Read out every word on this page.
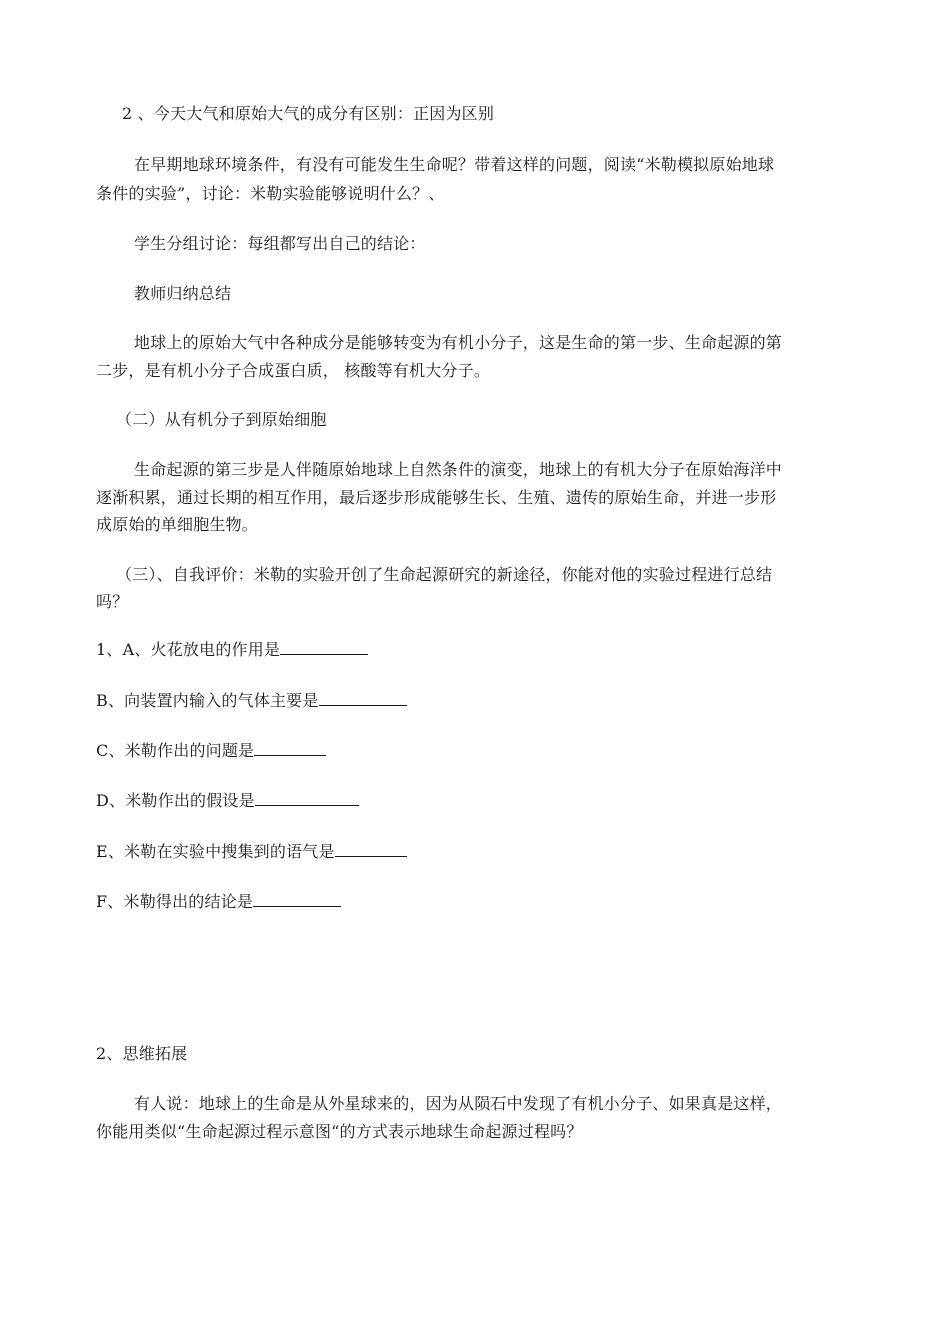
2 、今天大气和原始大气的成分有区别：正因为区别
在早期地球环境条件，有没有可能发生生命呢？带着这样的问题，阅读“米勒模拟原始地球
条件的实验”，讨论：米勒实验能够说明什么？、
学生分组讨论：每组都写出自己的结论：
教师归纳总结
地球上的原始大气中各种成分是能够转变为有机小分子，这是生命的第一步、生命起源的第
二步，是有机小分子合成蛋白质， 核酸等有机大分子。
（二）从有机分子到原始细胞
生命起源的第三步是人伴随原始地球上自然条件的演变，地球上的有机大分子在原始海洋中
逐渐积累，通过长期的相互作用，最后逐步形成能够生长、生殖、遗传的原始生命，并进一步形
成原始的单细胞生物。
（三）、自我评价：米勒的实验开创了生命起源研究的新途径，你能对他的实验过程进行总结
吗？
1、A、火花放电的作用是
B、向装置内输入的气体主要是
C、米勒作出的问题是
D、米勒作出的假设是
E、米勒在实验中搜集到的语气是
F、米勒得出的结论是
2、思维拓展
有人说：地球上的生命是从外星球来的，因为从陨石中发现了有机小分子、如果真是这样，
你能用类似“生命起源过程示意图“的方式表示地球生命起源过程吗？
